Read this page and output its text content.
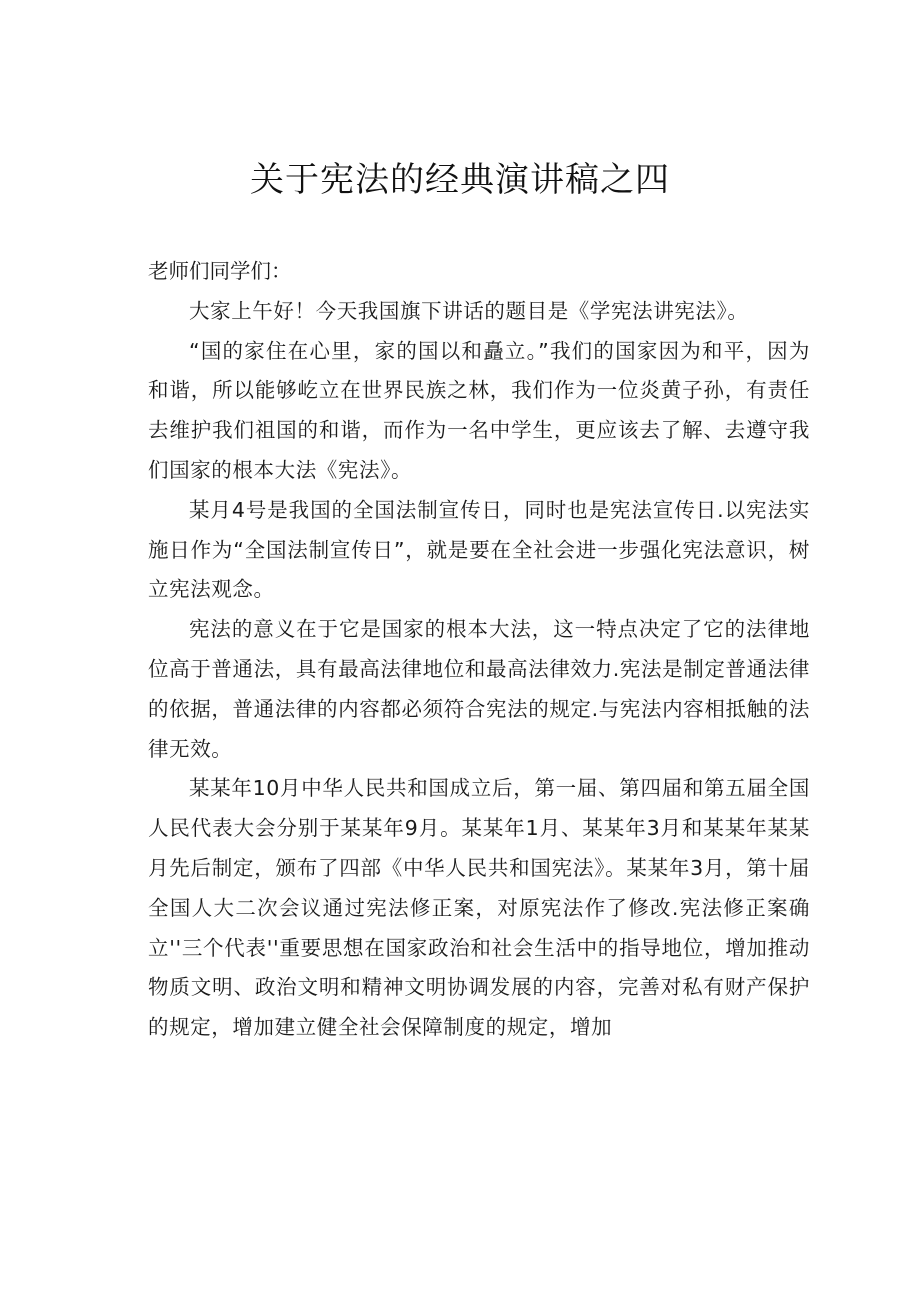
关于宪法的经典演讲稿之四

老师们同学们：

大家上午好！今天我国旗下讲话的题目是《学宪法讲宪法》。

“国的家住在心里，家的国以和矗立。”我们的国家因为和平，因为和谐，所以能够屹立在世界民族之林，我们作为一位炎黄子孙，有责任去维护我们祖国的和谐，而作为一名中学生，更应该去了解、去遵守我们国家的根本大法《宪法》。

某月4号是我国的全国法制宣传日，同时也是宪法宣传日.以宪法实施日作为“全国法制宣传日”，就是要在全社会进一步强化宪法意识，树立宪法观念。

宪法的意义在于它是国家的根本大法，这一特点决定了它的法律地位高于普通法，具有最高法律地位和最高法律效力.宪法是制定普通法律的依据，普通法律的内容都必须符合宪法的规定.与宪法内容相抵触的法律无效。

某某年10月中华人民共和国成立后，第一届、第四届和第五届全国人民代表大会分别于某某年9月。某某年1月、某某年3月和某某年某某月先后制定，颁布了四部《中华人民共和国宪法》。某某年3月，第十届全国人大二次会议通过宪法修正案，对原宪法作了修改.宪法修正案确立''三个代表''重要思想在国家政治和社会生活中的指导地位，增加推动物质文明、政治文明和精神文明协调发展的内容，完善对私有财产保护的规定，增加建立健全社会保障制度的规定，增加
